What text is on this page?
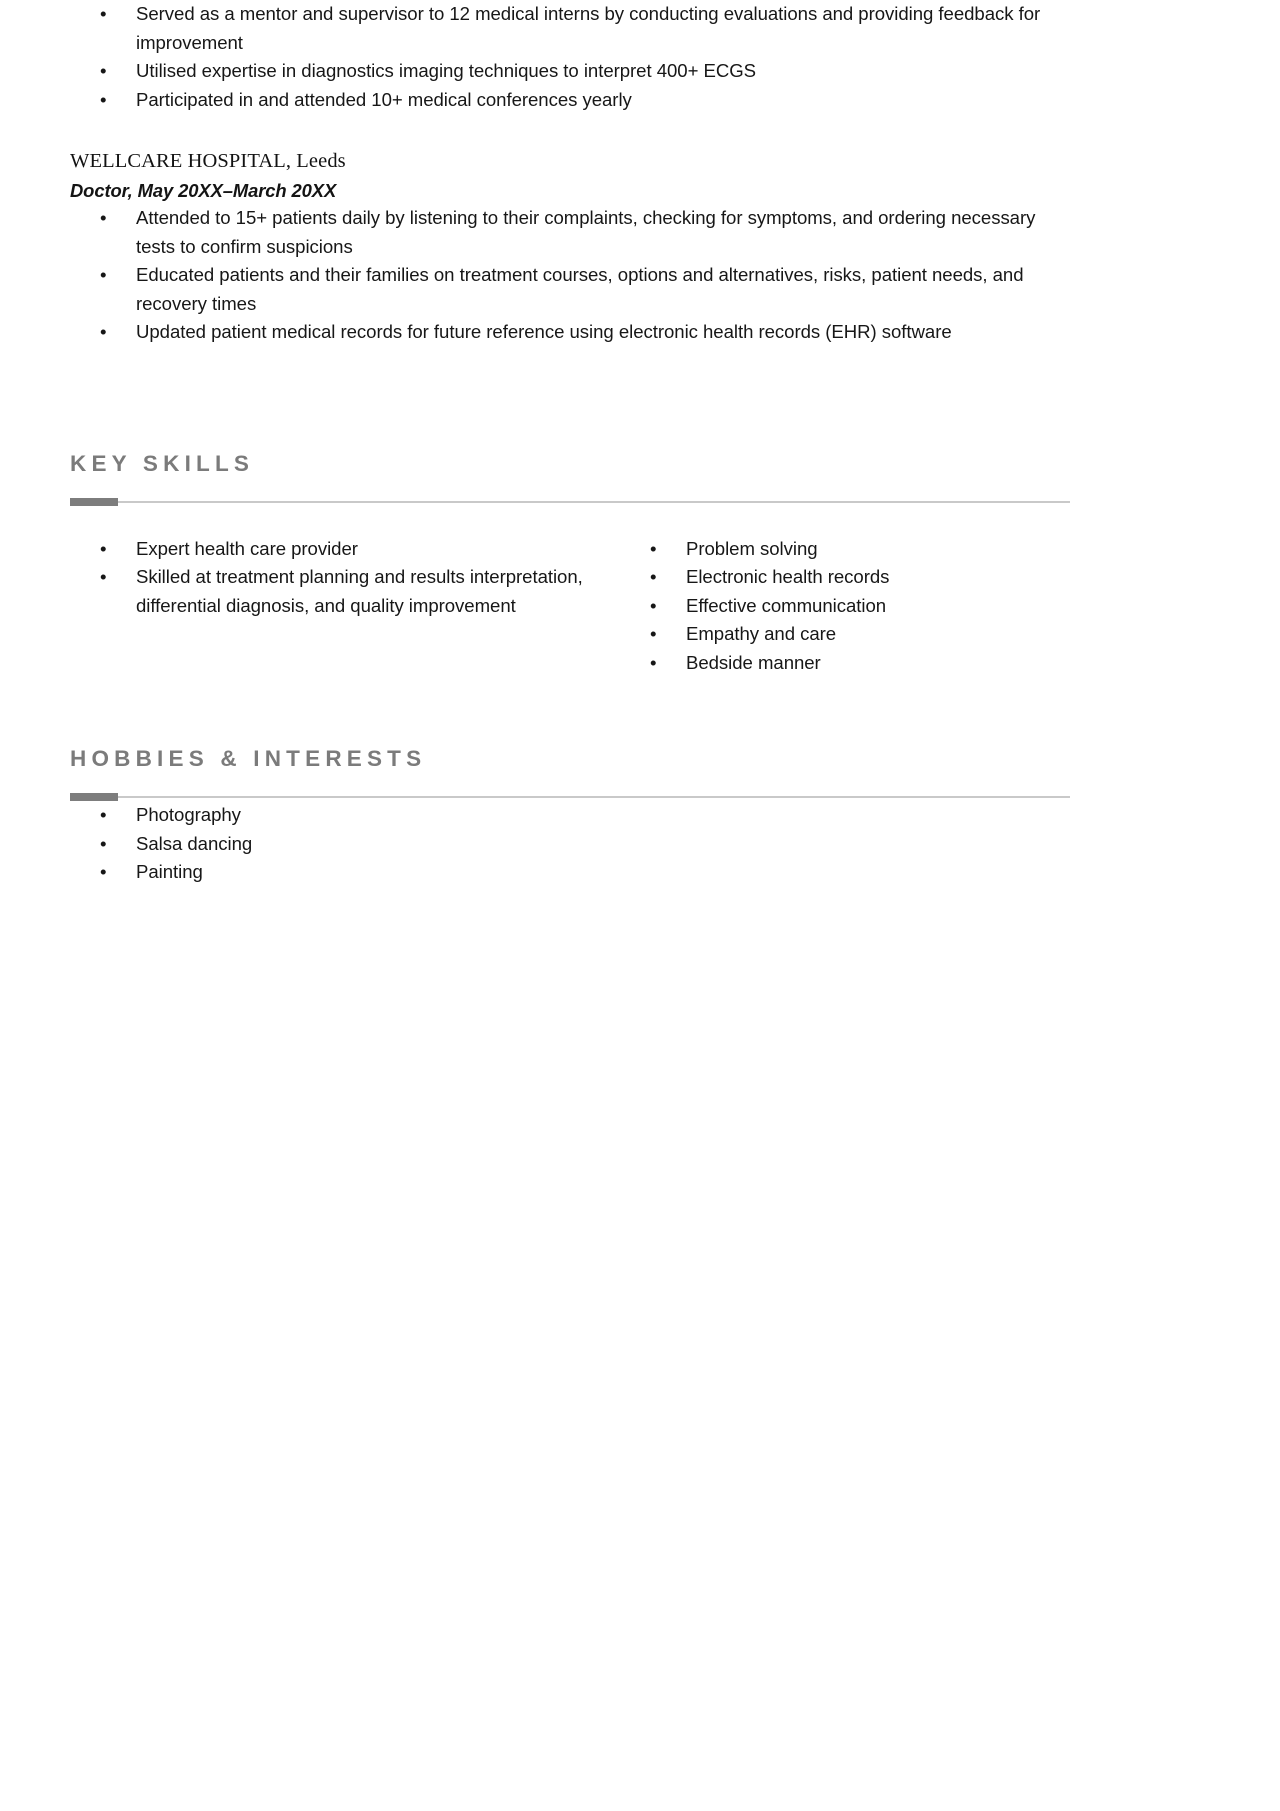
• Served as a mentor and supervisor to 12 medical interns by conducting evaluations and providing feedback for improvement
• Utilised expertise in diagnostics imaging techniques to interpret 400+ ECGS
• Participated in and attended 10+ medical conferences yearly
WELLCARE HOSPITAL, Leeds
Doctor, May 20XX–March 20XX
• Attended to 15+ patients daily by listening to their complaints, checking for symptoms, and ordering necessary tests to confirm suspicions
• Educated patients and their families on treatment courses, options and alternatives, risks, patient needs, and recovery times
• Updated patient medical records for future reference using electronic health records (EHR) software
KEY SKILLS
• Expert health care provider
• Skilled at treatment planning and results interpretation, differential diagnosis, and quality improvement
• Problem solving
• Electronic health records
• Effective communication
• Empathy and care
• Bedside manner
HOBBIES & INTERESTS
• Photography
• Salsa dancing
• Painting
